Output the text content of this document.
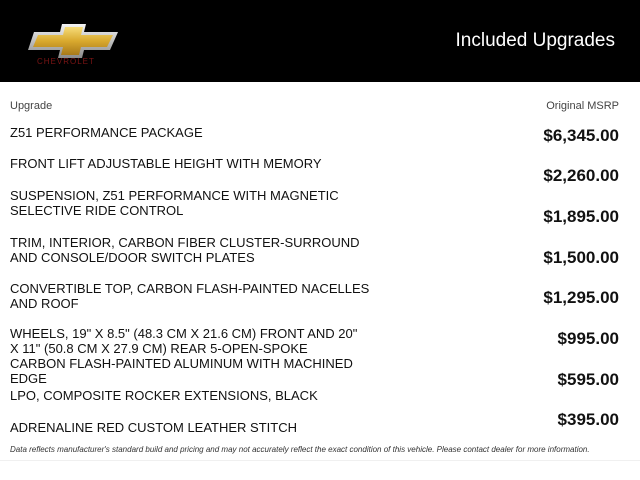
CHEVROLET
Included Upgrades
Upgrade	Original MSRP
Z51 PERFORMANCE PACKAGE
FRONT LIFT ADJUSTABLE HEIGHT WITH MEMORY
SUSPENSION, Z51 PERFORMANCE WITH MAGNETIC SELECTIVE RIDE CONTROL
TRIM, INTERIOR, CARBON FIBER CLUSTER-SURROUND AND CONSOLE/DOOR SWITCH PLATES
CONVERTIBLE TOP, CARBON FLASH-PAINTED NACELLES AND ROOF
WHEELS, 19" X 8.5" (48.3 CM X 21.6 CM) FRONT AND 20" X 11" (50.8 CM X 27.9 CM) REAR 5-OPEN-SPOKE CARBON FLASH-PAINTED ALUMINUM WITH MACHINED EDGE
LPO, COMPOSITE ROCKER EXTENSIONS, BLACK
ADRENALINE RED CUSTOM LEATHER STITCH
$6,345.00
$2,260.00
$1,895.00
$1,500.00
$1,295.00
$995.00
$595.00
$395.00
Data reflects manufacturer's standard build and pricing and may not accurately reflect the exact condition of this vehicle. Please contact dealer for more information.
